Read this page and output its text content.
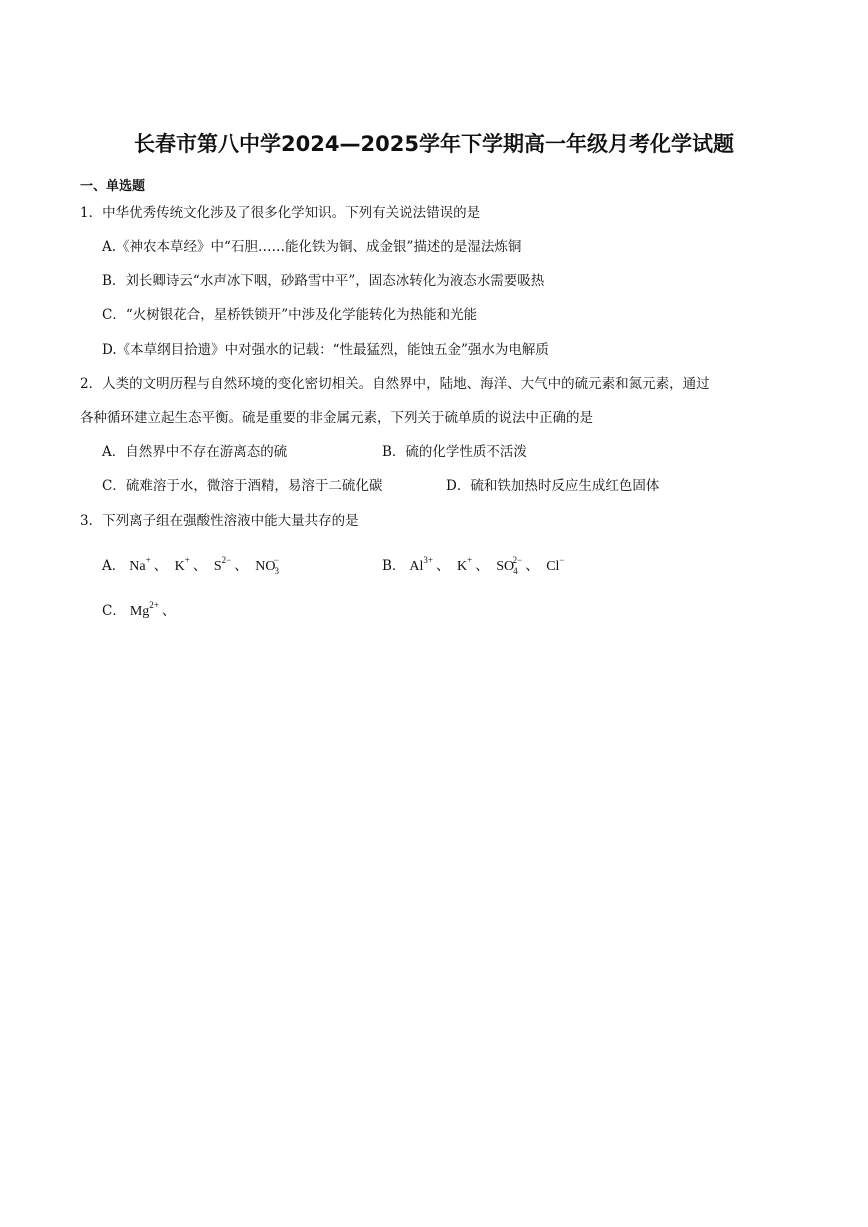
长春市第八中学2024—2025学年下学期高一年级月考化学试题
一、单选题
1．中华优秀传统文化涉及了很多化学知识。下列有关说法错误的是
A.《神农本草经》中“石胆……能化铁为铜、成金银”描述的是湿法炼铜
B．刘长卿诗云“水声冰下咽，砂路雪中平”，固态冰转化为液态水需要吸热
C．“火树银花合，星桥铁锁开”中涉及化学能转化为热能和光能
D.《本草纲目拾遗》中对强水的记载：“性最猛烈，能蚀五金”强水为电解质
2．人类的文明历程与自然环境的变化密切相关。自然界中，陆地、海洋、大气中的硫元素和氮元素，通过
各种循环建立起生态平衡。硫是重要的非金属元素，下列关于硫单质的说法中正确的是
A．自然界中不存在游离态的硫	B．硫的化学性质不活泼
C．硫难溶于水，微溶于酒精，易溶于二硫化碳	D．硫和铁加热时反应生成红色固体
3．下列离子组在强酸性溶液中能大量共存的是
A． Na+ 、 K+ 、 $S^{2-}$ 、 $NO_3^-$	B． $Al^{3+}$ 、 K+ 、 $SO_4^{2-}$ 、 Cl−
C． $Mg^{2+}$ 、
